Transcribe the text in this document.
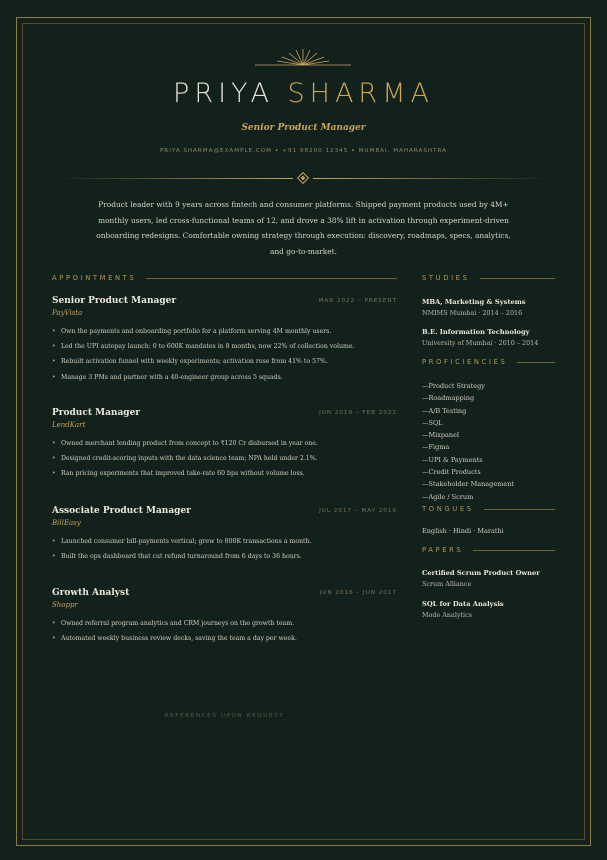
PRIYA SHARMA
Senior Product Manager
PRIYA.SHARMA@EXAMPLE.COM • +91 98200 12345 • MUMBAI, MAHARASHTRA

Product leader with 9 years across fintech and consumer platforms. Shipped payment products used by 4M+ monthly users, led cross-functional teams of 12, and drove a 38% lift in activation through experiment-driven onboarding redesigns. Comfortable owning strategy through execution: discovery, roadmaps, specs, analytics, and go-to-market.

APPOINTMENTS
Senior Product Manager	MAR 2022 – PRESENT
PayVista
• Own the payments and onboarding portfolio for a platform serving 4M monthly users.
• Led the UPI autopay launch: 0 to 600K mandates in 8 months, now 22% of collection volume.
• Rebuilt activation funnel with weekly experiments; activation rose from 41% to 57%.
• Manage 3 PMs and partner with a 40-engineer group across 5 squads.
Product Manager	JUN 2019 – FEB 2022
LendKart
• Owned merchant lending product from concept to ₹120 Cr disbursed in year one.
• Designed credit-scoring inputs with the data science team; NPA held under 2.1%.
• Ran pricing experiments that improved take-rate 60 bps without volume loss.
Associate Product Manager	JUL 2017 – MAY 2019
BillEasy
• Launched consumer bill-payments vertical; grew to 800K transactions a month.
• Built the ops dashboard that cut refund turnaround from 6 days to 36 hours.
Growth Analyst	JUN 2016 – JUN 2017
Shoppr
• Owned referral program analytics and CRM journeys on the growth team.
• Automated weekly business review decks, saving the team a day per week.
STUDIES
MBA, Marketing & Systems
NMIMS Mumbai · 2014 – 2016
B.E. Information Technology
University of Mumbai · 2010 – 2014
PROFICIENCIES
—Product Strategy
—Roadmapping
—A/B Testing
—SQL
—Mixpanel
—Figma
—UPI & Payments
—Credit Products
—Stakeholder Management
—Agile / Scrum
TONGUES
English · Hindi · Marathi
PAPERS
Certified Scrum Product Owner
Scrum Alliance
SQL for Data Analysis
Mode Analytics
REFERENCES UPON REQUEST
